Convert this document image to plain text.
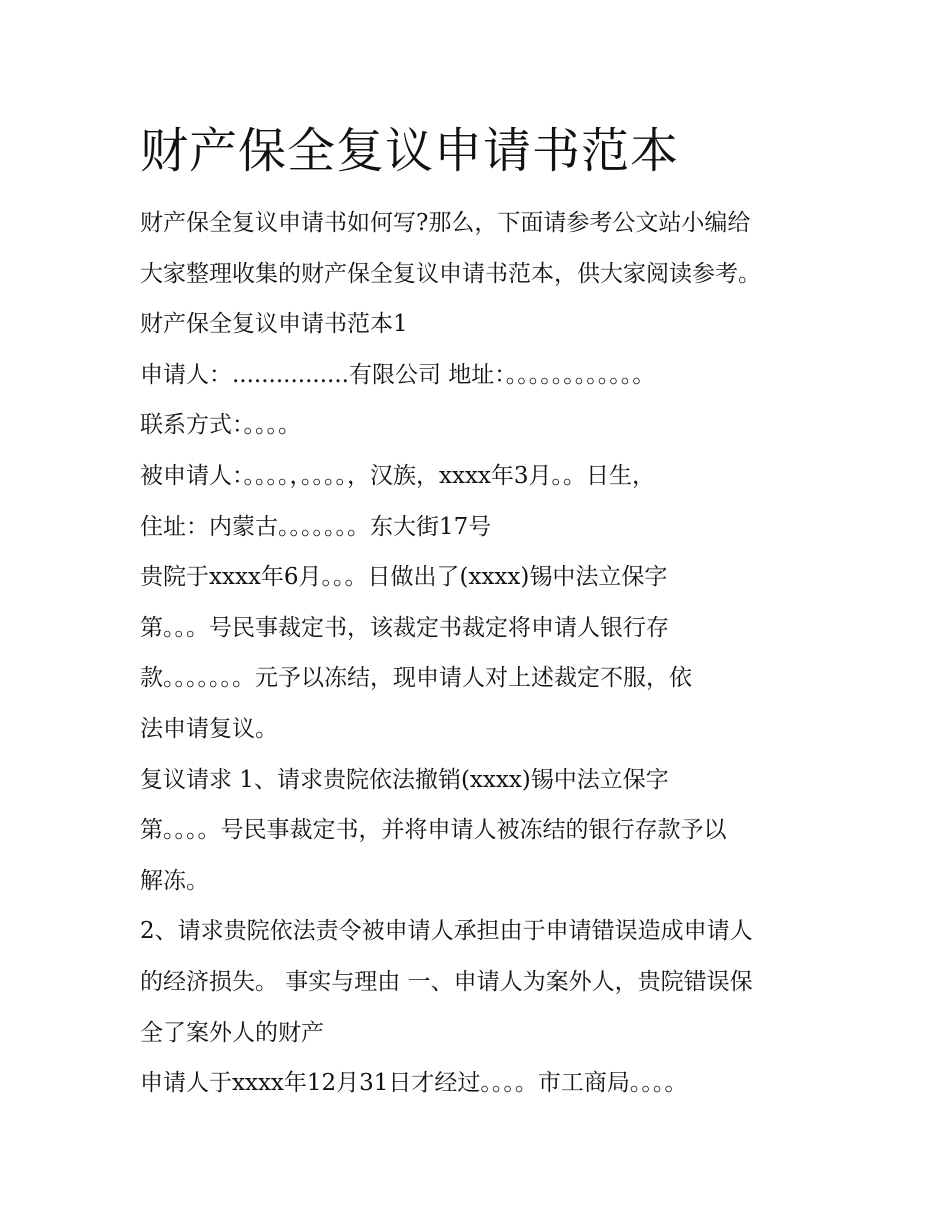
财产保全复议申请书范本
财产保全复议申请书如何写?那么，下面请参考公文站小编给
大家整理收集的财产保全复议申请书范本，供大家阅读参考。
财产保全复议申请书范本1
申请人：................有限公司 地址：。。。。。。。。。。。。
联系方式：。。。。
被申请人：。。。。，。。。。，汉族，xxxx年3月。。日生，
住址：内蒙古。。。。。。。东大街17号
贵院于xxxx年6月。。。日做出了(xxxx)锡中法立保字
第。。。号民事裁定书，该裁定书裁定将申请人银行存
款。。。。。。。元予以冻结，现申请人对上述裁定不服，依
法申请复议。
复议请求 1、请求贵院依法撤销(xxxx)锡中法立保字
第。。。。号民事裁定书，并将申请人被冻结的银行存款予以
解冻。
2、请求贵院依法责令被申请人承担由于申请错误造成申请人
的经济损失。 事实与理由 一、申请人为案外人，贵院错误保
全了案外人的财产
申请人于xxxx年12月31日才经过。。。。市工商局。。。。
